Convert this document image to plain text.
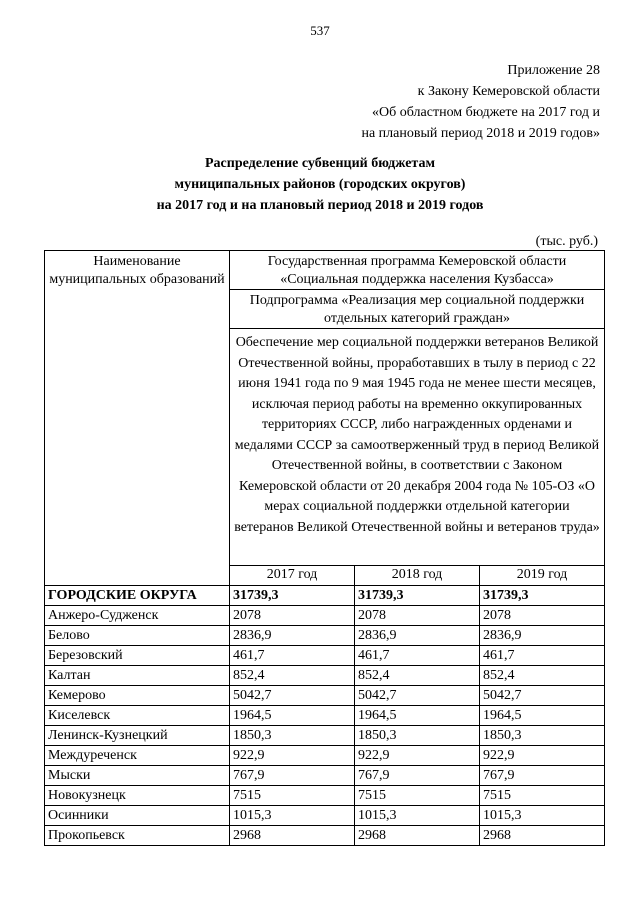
537
Приложение 28
к Закону Кемеровской области
«Об областном бюджете на 2017 год и
на плановый период 2018 и 2019 годов»
Распределение субвенций бюджетам
муниципальных районов (городских округов)
на 2017 год и на плановый период 2018 и 2019 годов
(тыс. руб.)
Наименование муниципальных образований	Государственная программа Кемеровской области «Социальная поддержка населения Кузбасса»		
	Подпрограмма «Реализация мер социальной поддержки отдельных категорий граждан»		
	Обеспечение мер социальной поддержки ветеранов Великой Отечественной войны, проработавших в тылу в период с 22 июня 1941 года по 9 мая 1945 года не менее шести месяцев, исключая период работы на временно оккупированных территориях СССР, либо награжденных орденами и медалями СССР за самоотверженный труд в период Великой Отечественной войны, в соответствии с Законом Кемеровской области от 20 декабря 2004 года № 105-ОЗ «О мерах социальной поддержки отдельной категории ветеранов Великой Отечественной войны и ветеранов труда»		
	2017 год	2018 год	2019 год
ГОРОДСКИЕ ОКРУГА	31739,3	31739,3	31739,3
Анжеро-Судженск	2078	2078	2078
Белово	2836,9	2836,9	2836,9
Березовский	461,7	461,7	461,7
Калтан	852,4	852,4	852,4
Кемерово	5042,7	5042,7	5042,7
Киселевск	1964,5	1964,5	1964,5
Ленинск-Кузнецкий	1850,3	1850,3	1850,3
Междуреченск	922,9	922,9	922,9
Мыски	767,9	767,9	767,9
Новокузнецк	7515	7515	7515
Осинники	1015,3	1015,3	1015,3
Прокопьевск	2968	2968	2968
